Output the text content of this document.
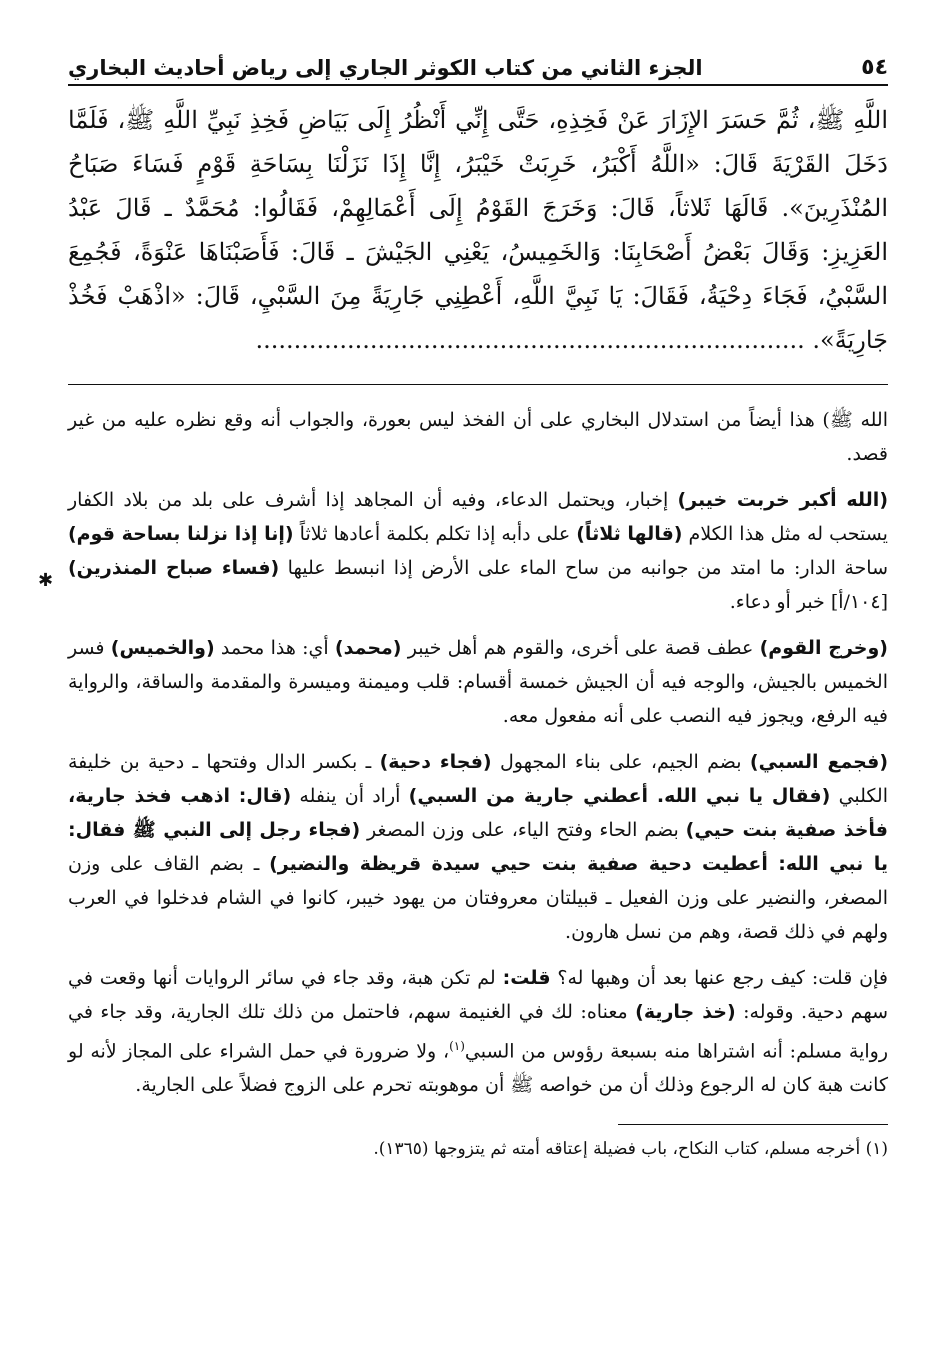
٥٤
الجزء الثاني من كتاب الكوثر الجاري إلى رياض أحاديث البخاري
اللَّهِ ﷺ، ثُمَّ حَسَرَ الإِزَارَ عَنْ فَخِذِهِ، حَتَّى إِنِّي أَنْظُرُ إِلَى بَيَاضِ فَخِذِ نَبِيِّ اللَّهِ ﷺ، فَلَمَّا دَخَلَ القَرْيَةَ قَالَ: «اللَّهُ أَكْبَرُ، خَرِبَتْ خَيْبَرُ، إِنَّا إِذَا نَزَلْنَا بِسَاحَةِ قَوْمٍ فَسَاءَ صَبَاحُ المُنْذَرِينَ». قَالَهَا ثَلاثاً، قَالَ: وَخَرَجَ القَوْمُ إِلَى أَعْمَالِهِمْ، فَقَالُوا: مُحَمَّدٌ ـ قَالَ عَبْدُ العَزِيزِ: وَقَالَ بَعْضُ أَصْحَابِنَا: وَالخَمِيسُ، يَعْنِي الجَيْشَ ـ قَالَ: فَأَصَبْنَاهَا عَنْوَةً، فَجُمِعَ السَّبْيُ، فَجَاءَ دِحْيَةُ، فَقَالَ: يَا نَبِيَّ اللَّهِ، أَعْطِنِي جَارِيَةً مِنَ السَّبْيِ، قَالَ: «اذْهَبْ فَخُذْ جَارِيَةً». ........................................................................

الله ﷺ) هذا أيضاً من استدلال البخاري على أن الفخذ ليس بعورة، والجواب أنه وقع نظره عليه من غير قصد.

(الله أكبر خربت خيبر) إخبار، ويحتمل الدعاء، وفيه أن المجاهد إذا أشرف على بلد من بلاد الكفار يستحب له مثل هذا الكلام (قالها ثلاثاً) على دأبه إذا تكلم بكلمة أعادها ثلاثاً (إنا إذا نزلنا بساحة قوم) ساحة الدار: ما امتد من جوانبه من ساح الماء على الأرض إذا انبسط عليها (فساء صباح المنذرين) [١٠٤/أ] خبر أو دعاء.

(وخرج القوم) عطف قصة على أخرى، والقوم هم أهل خيبر (محمد) أي: هذا محمد (والخميس) فسر الخميس بالجيش، والوجه فيه أن الجيش خمسة أقسام: قلب وميمنة وميسرة والمقدمة والساقة، والرواية فيه الرفع، ويجوز فيه النصب على أنه مفعول معه.

(فجمع السبي) بضم الجيم، على بناء المجهول (فجاء دحية) ـ بكسر الدال وفتحها ـ دحية بن خليفة الكلبي (فقال يا نبي الله. أعطني جارية من السبي) أراد أن ينفله (قال: اذهب فخذ جارية، فأخذ صفية بنت حيي) بضم الحاء وفتح الياء، على وزن المصغر (فجاء رجل إلى النبي ﷺ فقال: يا نبي الله: أعطيت دحية صفية بنت حيي سيدة قريظة والنضير) ـ بضم القاف على وزن المصغر، والنضير على وزن الفعيل ـ قبيلتان معروفتان من يهود خيبر، كانوا في الشام فدخلوا في العرب ولهم في ذلك قصة، وهم من نسل هارون.

فإن قلت: كيف رجع عنها بعد أن وهبها له؟ قلت: لم تكن هبة، وقد جاء في سائر الروايات أنها وقعت في سهم دحية. وقوله: (خذ جارية) معناه: لك في الغنيمة سهم، فاحتمل من ذلك تلك الجارية، وقد جاء في رواية مسلم: أنه اشتراها منه بسبعة رؤوس من السبي$^{(١)}$، ولا ضرورة في حمل الشراء على المجاز لأنه لو كانت هبة كان له الرجوع وذلك أن من خواصه ﷺ أن موهوبته تحرم على الزوج فضلاً على الجارية.

(١) أخرجه مسلم، كتاب النكاح، باب فضيلة إعتاقه أمته ثم يتزوجها (١٣٦٥).
✱
